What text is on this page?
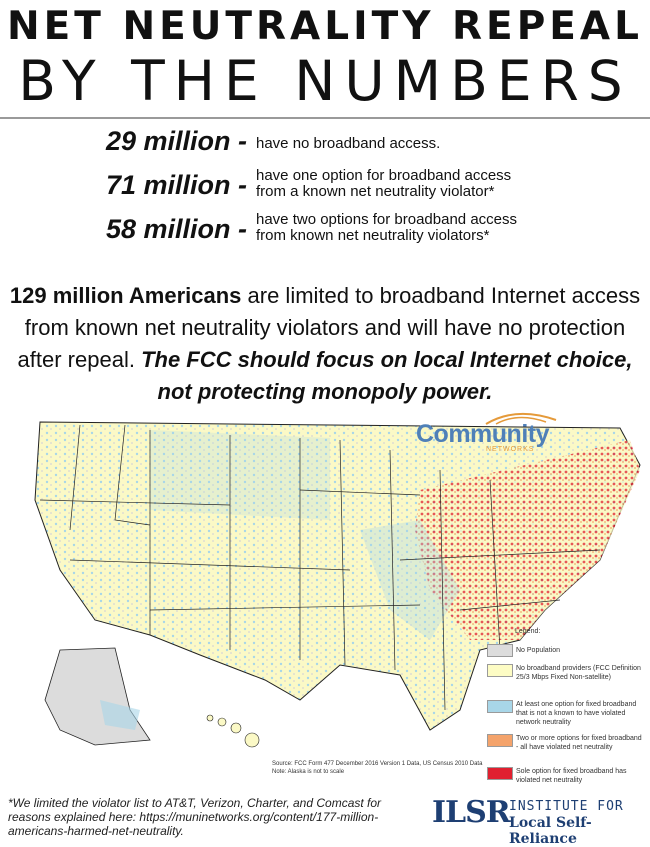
NET NEUTRALITY REPEAL
BY THE NUMBERS
29 million - have no broadband access.
71 million - have one option for broadband access
from a known net neutrality violator*
58 million - have two options for broadband access
from known net neutrality violators*
129 million Americans are limited to broadband Internet access from known net neutrality violators and will have no protection after repeal. The FCC should focus on local Internet choice, not protecting monopoly power.
Community
NETWORKS
Legend:
No Population
No broadband providers (FCC Definition 25/3 Mbps Fixed Non-satellite)
At least one option for fixed broadband that is not a known to have violated network neutrality
Two or more options for fixed broadband - all have violated net neutrality
Sole option for fixed broadband has violated net neutrality
Source: FCC Form 477 December 2016 Version 1 Data, US Census 2010 Data
Note: Alaska is not to scale
*We limited the violator list to AT&T, Verizon, Charter, and Comcast for reasons explained here: https://muninetworks.org/content/177-million-americans-harmed-net-neutrality.
ILSR INSTITUTE FOR
Local Self-Reliance
